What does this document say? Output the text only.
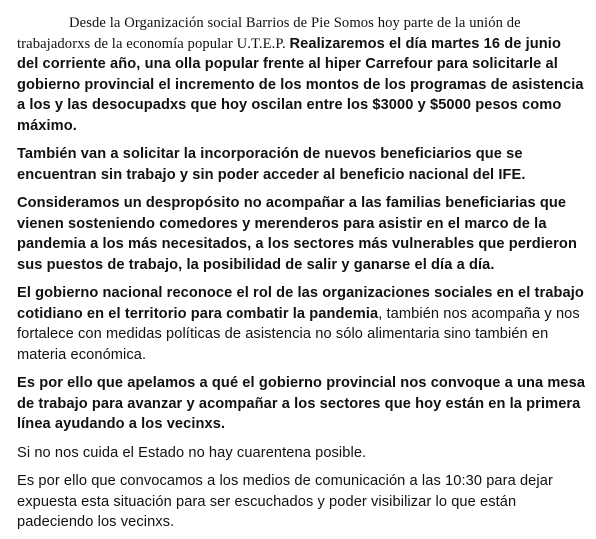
Desde la Organización social Barrios de Pie Somos hoy parte de la unión de trabajadorxs de la economía popular U.T.E.P. Realizaremos el día martes 16 de junio del corriente año, una olla popular frente al hiper Carrefour para solicitarle al gobierno provincial el incremento de los montos de los programas de asistencia a los y las desocupadxs que hoy oscilan entre los $3000 y $5000 pesos como máximo.

También van a solicitar la incorporación de nuevos beneficiarios que se encuentran sin trabajo y sin poder acceder al beneficio nacional del IFE.

Consideramos un despropósito no acompañar a las familias beneficiarias que vienen sosteniendo comedores y merenderos para asistir en el marco de la pandemia a los más necesitados, a los sectores más vulnerables que perdieron sus puestos de trabajo, la posibilidad de salir y ganarse el día a día.

El gobierno nacional reconoce el rol de las organizaciones sociales en el trabajo cotidiano en el territorio para combatir la pandemia, también nos acompaña y nos fortalece con medidas políticas de asistencia no sólo alimentaria sino también en materia económica.

Es por ello que apelamos a qué el gobierno provincial nos convoque a una mesa de trabajo para avanzar y acompañar a los sectores que hoy están en la primera línea ayudando a los vecinxs.

Si no nos cuida el Estado no hay cuarentena posible.

Es por ello que convocamos a los medios de comunicación a las 10:30 para dejar expuesta esta situación para ser escuchados y poder visibilizar lo que están padeciendo los vecinxs.
